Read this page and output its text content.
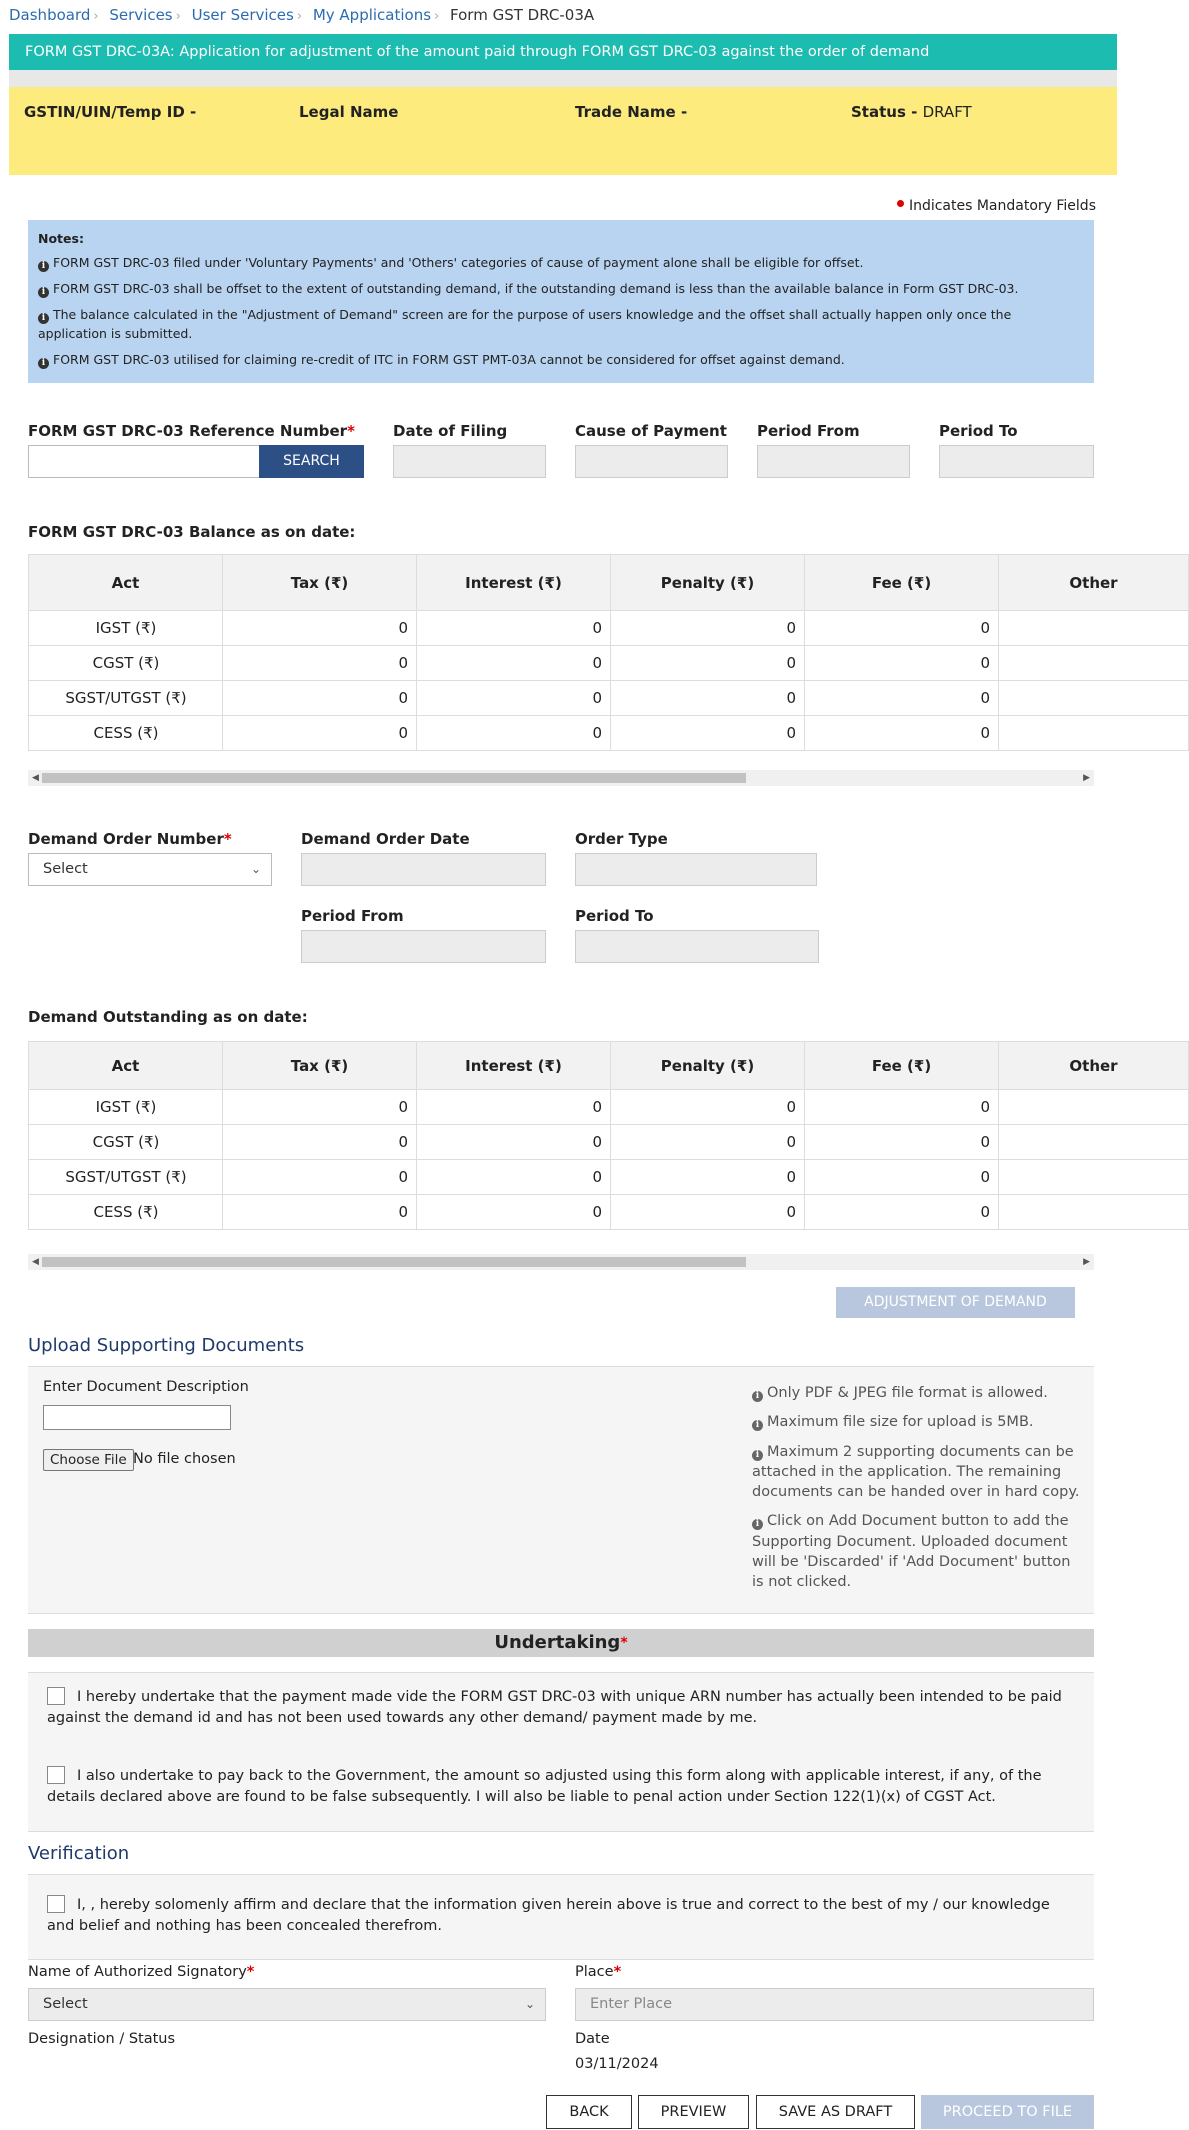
Dashboard › Services › User Services › My Applications › Form GST DRC-03A
FORM GST DRC-03A: Application for adjustment of the amount paid through FORM GST DRC-03 against the order of demand
GSTIN/UIN/Temp ID -	Legal Name	Trade Name -	Status - DRAFT
Indicates Mandatory Fields
Notes:

i FORM GST DRC-03 filed under 'Voluntary Payments' and 'Others' categories of cause of payment alone shall be eligible for offset.

i FORM GST DRC-03 shall be offset to the extent of outstanding demand, if the outstanding demand is less than the available balance in Form GST DRC-03.

i The balance calculated in the "Adjustment of Demand" screen are for the purpose of users knowledge and the offset shall actually happen only once the application is submitted.

i FORM GST DRC-03 utilised for claiming re-credit of ITC in FORM GST PMT-03A cannot be considered for offset against demand.

FORM GST DRC-03 Reference Number*
SEARCH
Date of Filing	Cause of Payment Period From	Period To
FORM GST DRC-03 Balance as on date:
Act	Tax (₹)	Interest (₹)	Penalty (₹)	Fee (₹)	Other
IGST (₹)	0	0	0	0	
CGST (₹)	0	0	0	0	
SGST/UTGST (₹)	0	0	0	0	
CESS (₹)	0	0	0	0	
◀	▶
Demand Order Number*
Select	⌄
Demand Order Date	Order Type
Period From	Period To
Demand Outstanding as on date:
Act	Tax (₹)	Interest (₹)	Penalty (₹)	Fee (₹)	Other
IGST (₹)	0	0	0	0	
CGST (₹)	0	0	0	0	
SGST/UTGST (₹)	0	0	0	0	
CESS (₹)	0	0	0	0	
◀	▶
ADJUSTMENT OF DEMAND
Upload Supporting Documents
Enter Document Description
Choose File No file chosen

i Only PDF & JPEG file format is allowed.

i Maximum file size for upload is 5MB.

i Maximum 2 supporting documents can be attached in the application. The remaining documents can be handed over in hard copy.

i Click on Add Document button to add the Supporting Document. Uploaded document will be 'Discarded' if 'Add Document' button is not clicked.

Undertaking*
I hereby undertake that the payment made vide the FORM GST DRC-03 with unique ARN number has actually been intended to be paid against the demand id and has not been used towards any other demand/ payment made by me.
I also undertake to pay back to the Government, the amount so adjusted using this form along with applicable interest, if any, of the details declared above are found to be false subsequently. I will also be liable to penal action under Section 122(1)(x) of CGST Act.
Verification
I, , hereby solomenly affirm and declare that the information given herein above is true and correct to the best of my / our knowledge and belief and nothing has been concealed therefrom.
Name of Authorized Signatory*
Select	⌄
Place*
Enter Place
Designation / Status	Date
03/11/2024
BACK	PREVIEW	SAVE AS DRAFT	PROCEED TO FILE
